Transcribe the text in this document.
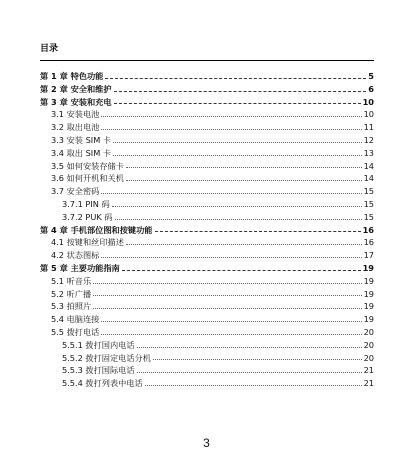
目录
第 1 章 特色功能	5
第 2 章 安全和维护	6
第 3 章 安装和充电	10
3.1 安装电池	10
3.2 取出电池	11
3.3 安装 SIM 卡	12
3.4 取出 SIM 卡	13
3.5 如何安装存储卡	14
3.6 如何开机和关机	14
3.7 安全密码	15
3.7.1 PIN 码	15
3.7.2 PUK 码	15
第 4 章 手机部位图和按键功能	16
4.1 按键和丝印描述	16
4.2 状态图标	17
第 5 章 主要功能指南	19
5.1 听音乐	19
5.2 听广播	19
5.3 拍照片	19
5.4 电脑连接	19
5.5 拨打电话	20
5.5.1 拨打国内电话	20
5.5.2 拨打固定电话分机	20
5.5.3 拨打国际电话	21
5.5.4 拨打列表中电话	21
3
